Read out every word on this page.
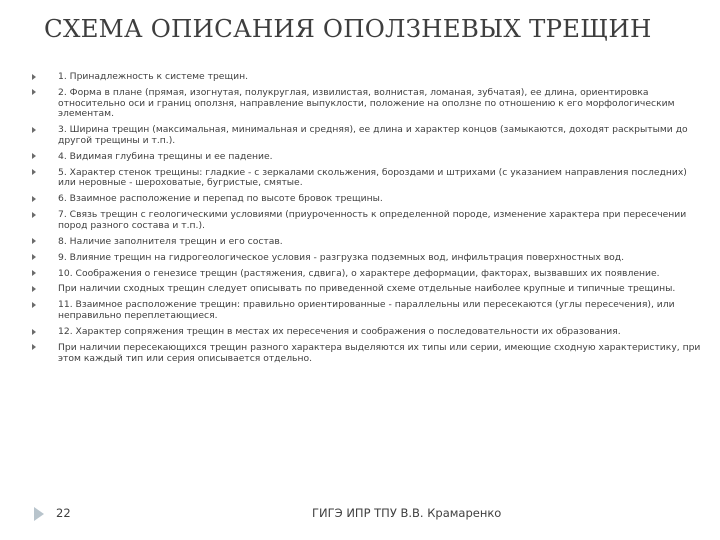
СХЕМА ОПИСАНИЯ ОПОЛЗНЕВЫХ ТРЕЩИН
1. Принадлежность к системе трещин.
2. Форма в плане (прямая, изогнутая, полукруглая, извилистая, волнистая, ломаная, зубчатая), ее длина, ориентировка относительно оси и границ оползня, направление выпуклости, положение на оползне по отношению к его морфологическим элементам.
3. Ширина трещин (максимальная, минимальная и средняя), ее длина и характер концов (замыкаются, доходят раскрытыми до другой трещины и т.п.).
4. Видимая глубина трещины и ее падение.
5. Характер стенок трещины: гладкие - с зеркалами скольжения, бороздами и штрихами (с указанием направления последних) или неровные - шероховатые, бугристые, смятые.
6. Взаимное расположение и перепад по высоте бровок трещины.
7. Связь трещин с геологическими условиями (приуроченность к определенной породе, изменение характера при пересечении пород разного состава и т.п.).
8. Наличие заполнителя трещин и его состав.
9. Влияние трещин на гидрогеологическое условия - разгрузка подземных вод, инфильтрация поверхностных вод.
10. Соображения о генезисе трещин (растяжения, сдвига), о характере деформации, факторах, вызвавших их появление.
При наличии сходных трещин следует описывать по приведенной схеме отдельные наиболее крупные и типичные трещины.
11. Взаимное расположение трещин: правильно ориентированные - параллельны или пересекаются (углы пересечения), или неправильно переплетающиеся.
12. Характер сопряжения трещин в местах их пересечения и соображения о последовательности их образования.
При наличии пересекающихся трещин разного характера выделяются их типы или серии, имеющие сходную характеристику, при этом каждый тип или серия описывается отдельно.
22	ГИГЭ ИПР ТПУ В.В. Крамаренко
